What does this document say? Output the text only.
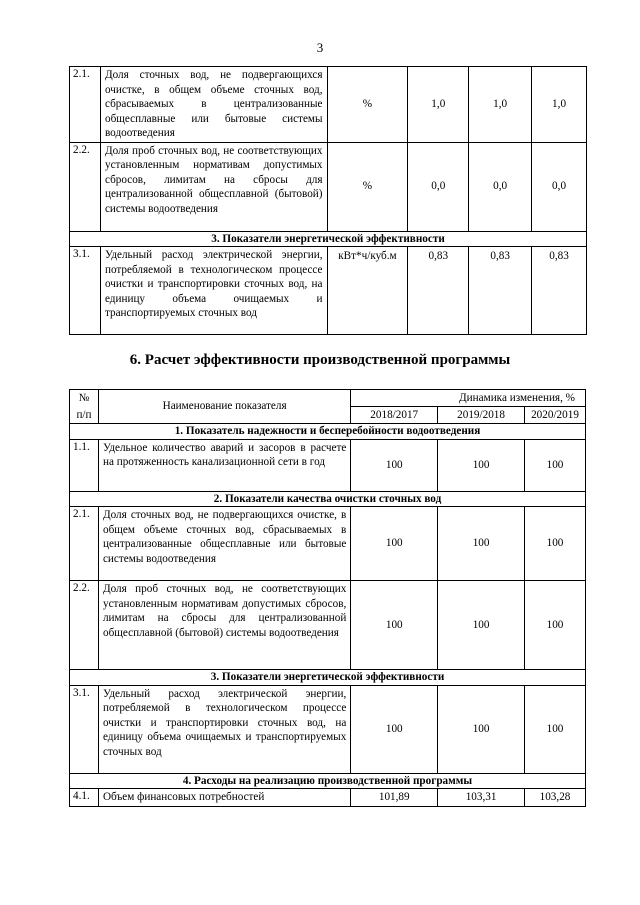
3
2.1.	Доля сточных вод, не подвергающихся очистке, в общем объеме сточных вод, сбрасываемых в централизованные общесплавные или бытовые системы водоотведения	%	1,0	1,0	1,0
2.2.	Доля проб сточных вод, не соответствующих установленным нормативам допустимых сбросов, лимитам на сбросы для централизованной общесплавной (бытовой) системы водоотведения	%	0,0	0,0	0,0
3. Показатели энергетической эффективности					
3.1.	Удельный расход электрической энергии, потребляемой в технологическом процессе очистки и транспортировки сточных вод, на единицу объема очищаемых и транспортируемых сточных вод	кВт*ч/куб.м	0,83	0,83	0,83
6. Расчет эффективности производственной программы
№	Наименование показателя	Динамика изменения, %		
п/п		2018/2017	2019/2018	2020/2019
1. Показатель надежности и бесперебойности водоотведения				
1.1.	Удельное количество аварий и засоров в расчете на протяженность канализационной сети в год	100	100	100
2. Показатели качества очистки сточных вод				
2.1.	Доля сточных вод, не подвергающихся очистке, в общем объеме сточных вод, сбрасываемых в централизованные общесплавные или бытовые системы водоотведения	100	100	100
2.2.	Доля проб сточных вод, не соответствующих установленным нормативам допустимых сбросов, лимитам на сбросы для централизованной общесплавной (бытовой) системы водоотведения	100	100	100
3. Показатели энергетической эффективности				
3.1.	Удельный расход электрической энергии, потребляемой в технологическом процессе очистки и транспортировки сточных вод, на единицу объема очищаемых и транспортируемых сточных вод	100	100	100
4. Расходы на реализацию производственной программы				
4.1.	Объем финансовых потребностей	101,89	103,31	103,28
